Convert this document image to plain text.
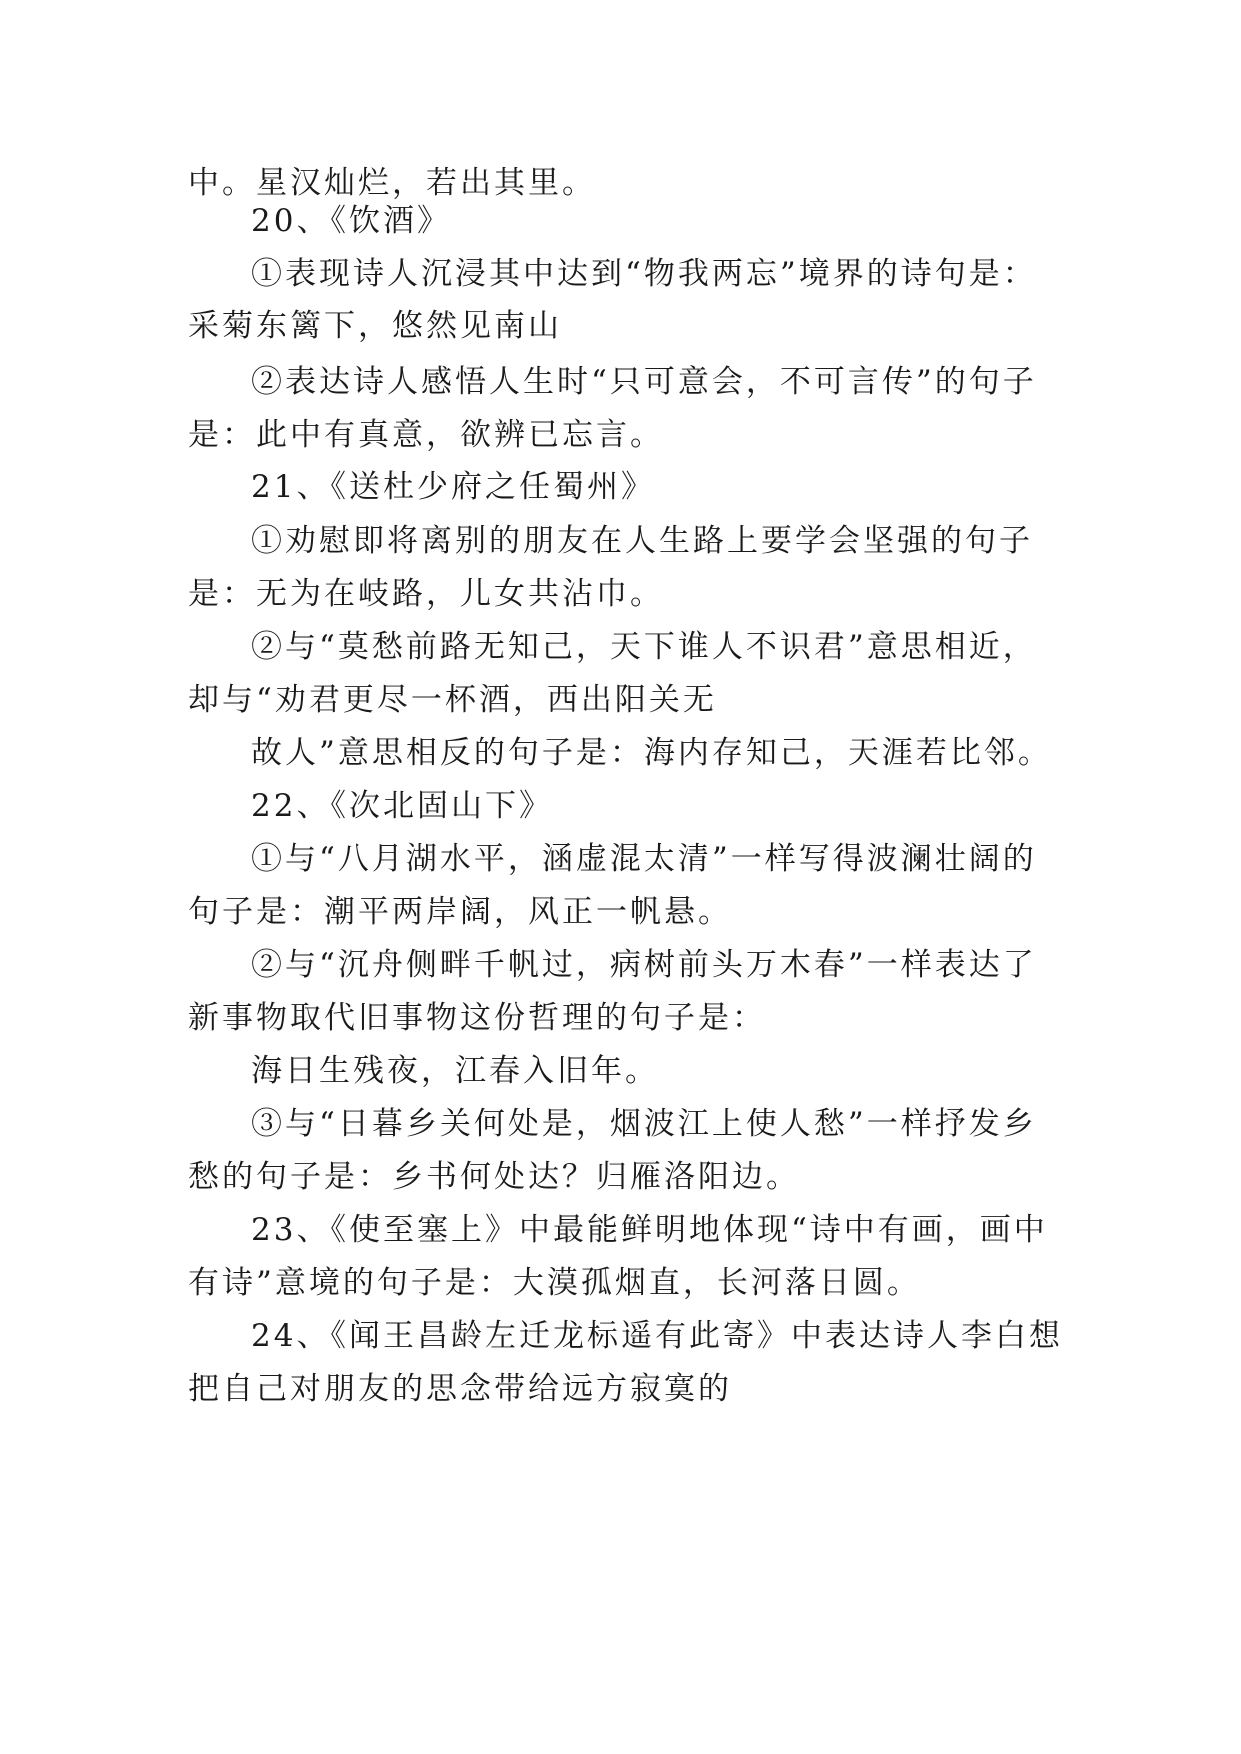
中。星汉灿烂，若出其里。
20、《饮酒》
①表现诗人沉浸其中达到“物我两忘”境界的诗句是：
采菊东篱下，悠然见南山
②表达诗人感悟人生时“只可意会，不可言传”的句子
是：此中有真意，欲辨已忘言。
21、《送杜少府之任蜀州》
①劝慰即将离别的朋友在人生路上要学会坚强的句子
是：无为在岐路，儿女共沾巾。
②与“莫愁前路无知己，天下谁人不识君”意思相近，
却与“劝君更尽一杯酒，西出阳关无
故人”意思相反的句子是：海内存知己，天涯若比邻。
22、《次北固山下》
①与“八月湖水平，涵虚混太清”一样写得波澜壮阔的
句子是：潮平两岸阔，风正一帆悬。
②与“沉舟侧畔千帆过，病树前头万木春”一样表达了
新事物取代旧事物这份哲理的句子是：
海日生残夜，江春入旧年。
③与“日暮乡关何处是，烟波江上使人愁”一样抒发乡
愁的句子是：乡书何处达？归雁洛阳边。
23、《使至塞上》中最能鲜明地体现“诗中有画，画中
有诗”意境的句子是：大漠孤烟直，长河落日圆。
24、《闻王昌龄左迁龙标遥有此寄》中表达诗人李白想
把自己对朋友的思念带给远方寂寞的
